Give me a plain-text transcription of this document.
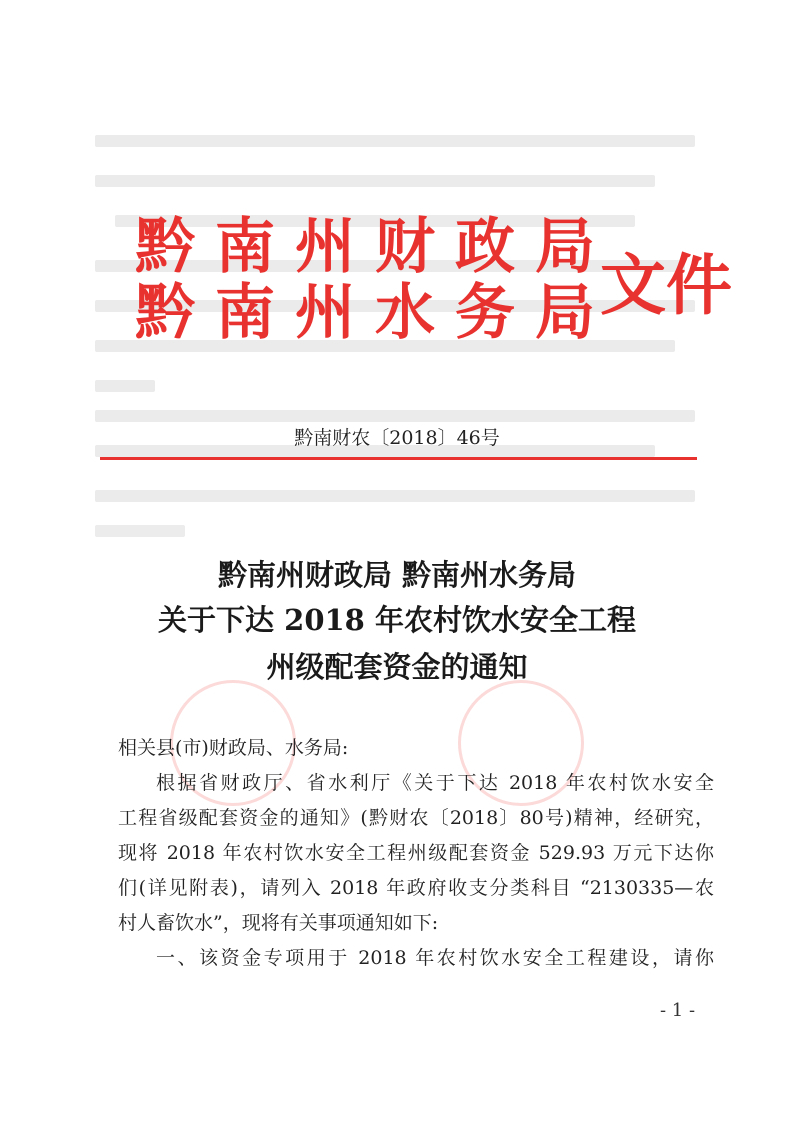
黔南州财政局
黔南州水务局
文件
黔南财农〔2018〕46号
黔南州财政局 黔南州水务局
关于下达 2018 年农村饮水安全工程
州级配套资金的通知

相关县(市)财政局、水务局:

根据省财政厅、省水利厅《关于下达 2018 年农村饮水安全

工程省级配套资金的通知》(黔财农〔2018〕80号)精神，经研究，

现将 2018 年农村饮水安全工程州级配套资金 529.93 万元下达你

们(详见附表)，请列入 2018 年政府收支分类科目 “2130335—农

村人畜饮水”，现将有关事项通知如下:

一、该资金专项用于 2018 年农村饮水安全工程建设，请你

- 1 -
